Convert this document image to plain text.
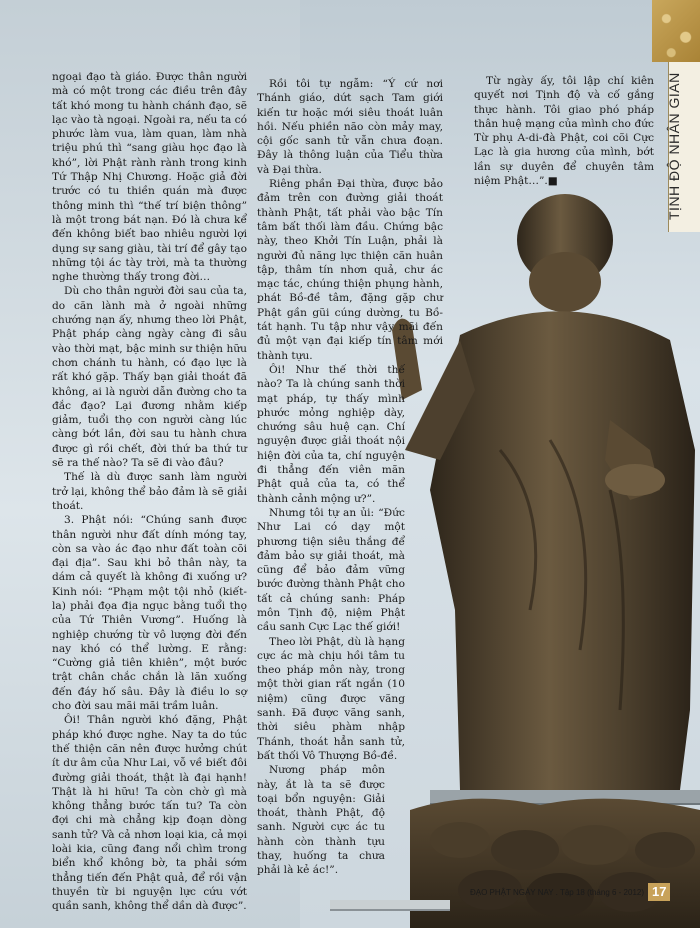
TỊNH ĐỘ NHÂN GIAN

ngoại đạo tà giáo. Được thân người mà có một trong các điều trên đây tất khó mong tu hành chánh đạo, sẽ lạc vào tà ngoại. Ngoài ra, nếu ta có phước làm vua, làm quan, làm nhà triệu phú thì “sang giàu học đạo là khó”, lời Phật rành rành trong kinh Tứ Thập Nhị Chương. Hoặc giả đời trước có tu thiền quán mà được thông minh thì “thế trí biện thông” là một trong bát nạn. Đó là chưa kể đến không biết bao nhiêu người lợi dụng sự sang giàu, tài trí để gây tạo những tội ác tày trời, mà ta thường nghe thường thấy trong đời…

Dù cho thân người đời sau của ta, do căn lành mà ở ngoài những chướng nạn ấy, nhưng theo lời Phật, Phật pháp càng ngày càng đi sâu vào thời mạt, bậc minh sư thiện hữu chơn chánh tu hành, có đạo lực là rất khó gặp. Thấy bạn giải thoát đã không, ai là người dẫn đường cho ta đắc đạo? Lại đương nhằm kiếp giảm, tuổi thọ con người càng lúc càng bớt lần, đời sau tu hành chưa được gì rồi chết, đời thứ ba thứ tư sẽ ra thế nào? Ta sẽ đi vào đâu?

Thế là dù được sanh làm người trở lại, không thể bảo đảm là sẽ giải thoát.

3. Phật nói: “Chúng sanh được thân người như đất dính móng tay, còn sa vào ác đạo như đất toàn cõi đại địa”. Sau khi bỏ thân này, ta dám cả quyết là không đi xuống ư? Kinh nói: “Phạm một tội nhỏ (kiết-la) phải đọa địa ngục bằng tuổi thọ của Tứ Thiên Vương”. Huống là nghiệp chướng từ vô lượng đời đến nay khó có thể lường. E rằng: “Cường giả tiên khiên”, một bước trật chân chắc chắn là lăn xuống đến đáy hố sâu. Đây là điều lo sợ cho đời sau mãi mãi trầm luân.

Ôi! Thân người khó đặng, Phật pháp khó được nghe. Nay ta do túc thế thiện căn nên được hưởng chút ít dư âm của Như Lai, vỗ về biết đôi đường giải thoát, thật là đại hạnh! Thật là hi hữu! Ta còn chờ gì mà không thẳng bước tấn tu? Ta còn đợi chi mà chẳng kịp đoạn dòng sanh tử? Và cả nhơn loại kia, cả mọi loài kia, cũng đang nổi chìm trong biển khổ không bờ, ta phải sớm thẳng tiến đến Phật quả, để rồi vận thuyền từ bi nguyện lực cứu vớt quần sanh, không thể dần dà được”.

Rồi tôi tự ngẫm: “Ý cứ nơi Thánh giáo, dứt sạch Tam giới kiến tư hoặc mới siêu thoát luân hồi. Nếu phiền não còn mảy may, cội gốc sanh tử vẫn chưa đoạn. Đây là thông luận của Tiểu thừa và Đại thừa.

Riêng phần Đại thừa, được bảo đảm trên con đường giải thoát thành Phật, tất phải vào bậc Tín tâm bất thối làm đầu. Chứng bậc này, theo Khởi Tín Luận, phải là người đủ năng lực thiện căn huân tập, thâm tín nhơn quả, chư ác mạc tác, chúng thiện phụng hành, phát Bồ-đề tâm, đặng gặp chư Phật gần gũi cúng dường, tu Bồ-tát hạnh. Tu tập như vậy mãi đến đủ một vạn đại kiếp tín tâm mới thành tựu.

Ôi! Như thế thời thế nào? Ta là chúng sanh thời mạt pháp, tự thấy mình phước mỏng nghiệp dày, chướng sâu huệ cạn. Chí nguyện được giải thoát nội hiện đời của ta, chí nguyện đi thẳng đến viên mãn Phật quả của ta, có thể thành cảnh mộng ư?”.

Nhưng tôi tự an ủi: “Đức Như Lai có dạy một phương tiện siêu thắng để đảm bảo sự giải thoát, mà cũng để bảo đảm vững bước đường thành Phật cho tất cả chúng sanh: Pháp môn Tịnh độ, niệm Phật cầu sanh Cực Lạc thế giới!

Theo lời Phật, dù là hạng cực ác mà chịu hồi tâm tu theo pháp môn này, trong một thời gian rất ngắn (10 niệm) cũng được vãng sanh. Đã được vãng sanh, thời siêu phàm nhập Thánh, thoát hẳn sanh tử, bất thối Vô Thượng Bồ-đề.

Nương pháp môn này, ắt là ta sẽ được toại bổn nguyện: Giải thoát, thành Phật, độ sanh. Người cực ác tu hành còn thành tựu thay, huống ta chưa phải là kẻ ác!”.

Từ ngày ấy, tôi lập chí kiên quyết nơi Tịnh độ và cố gắng thực hành. Tôi giao phó pháp thân huệ mạng của mình cho đức Từ phụ A-di-đà Phật, coi cõi Cực Lạc là gia hương của mình, bớt lần sự duyên để chuyên tâm niệm Phật…”.■

ĐẠO PHẬT NGÀY NAY . Tập 18 (tháng 6 - 2012) 17
